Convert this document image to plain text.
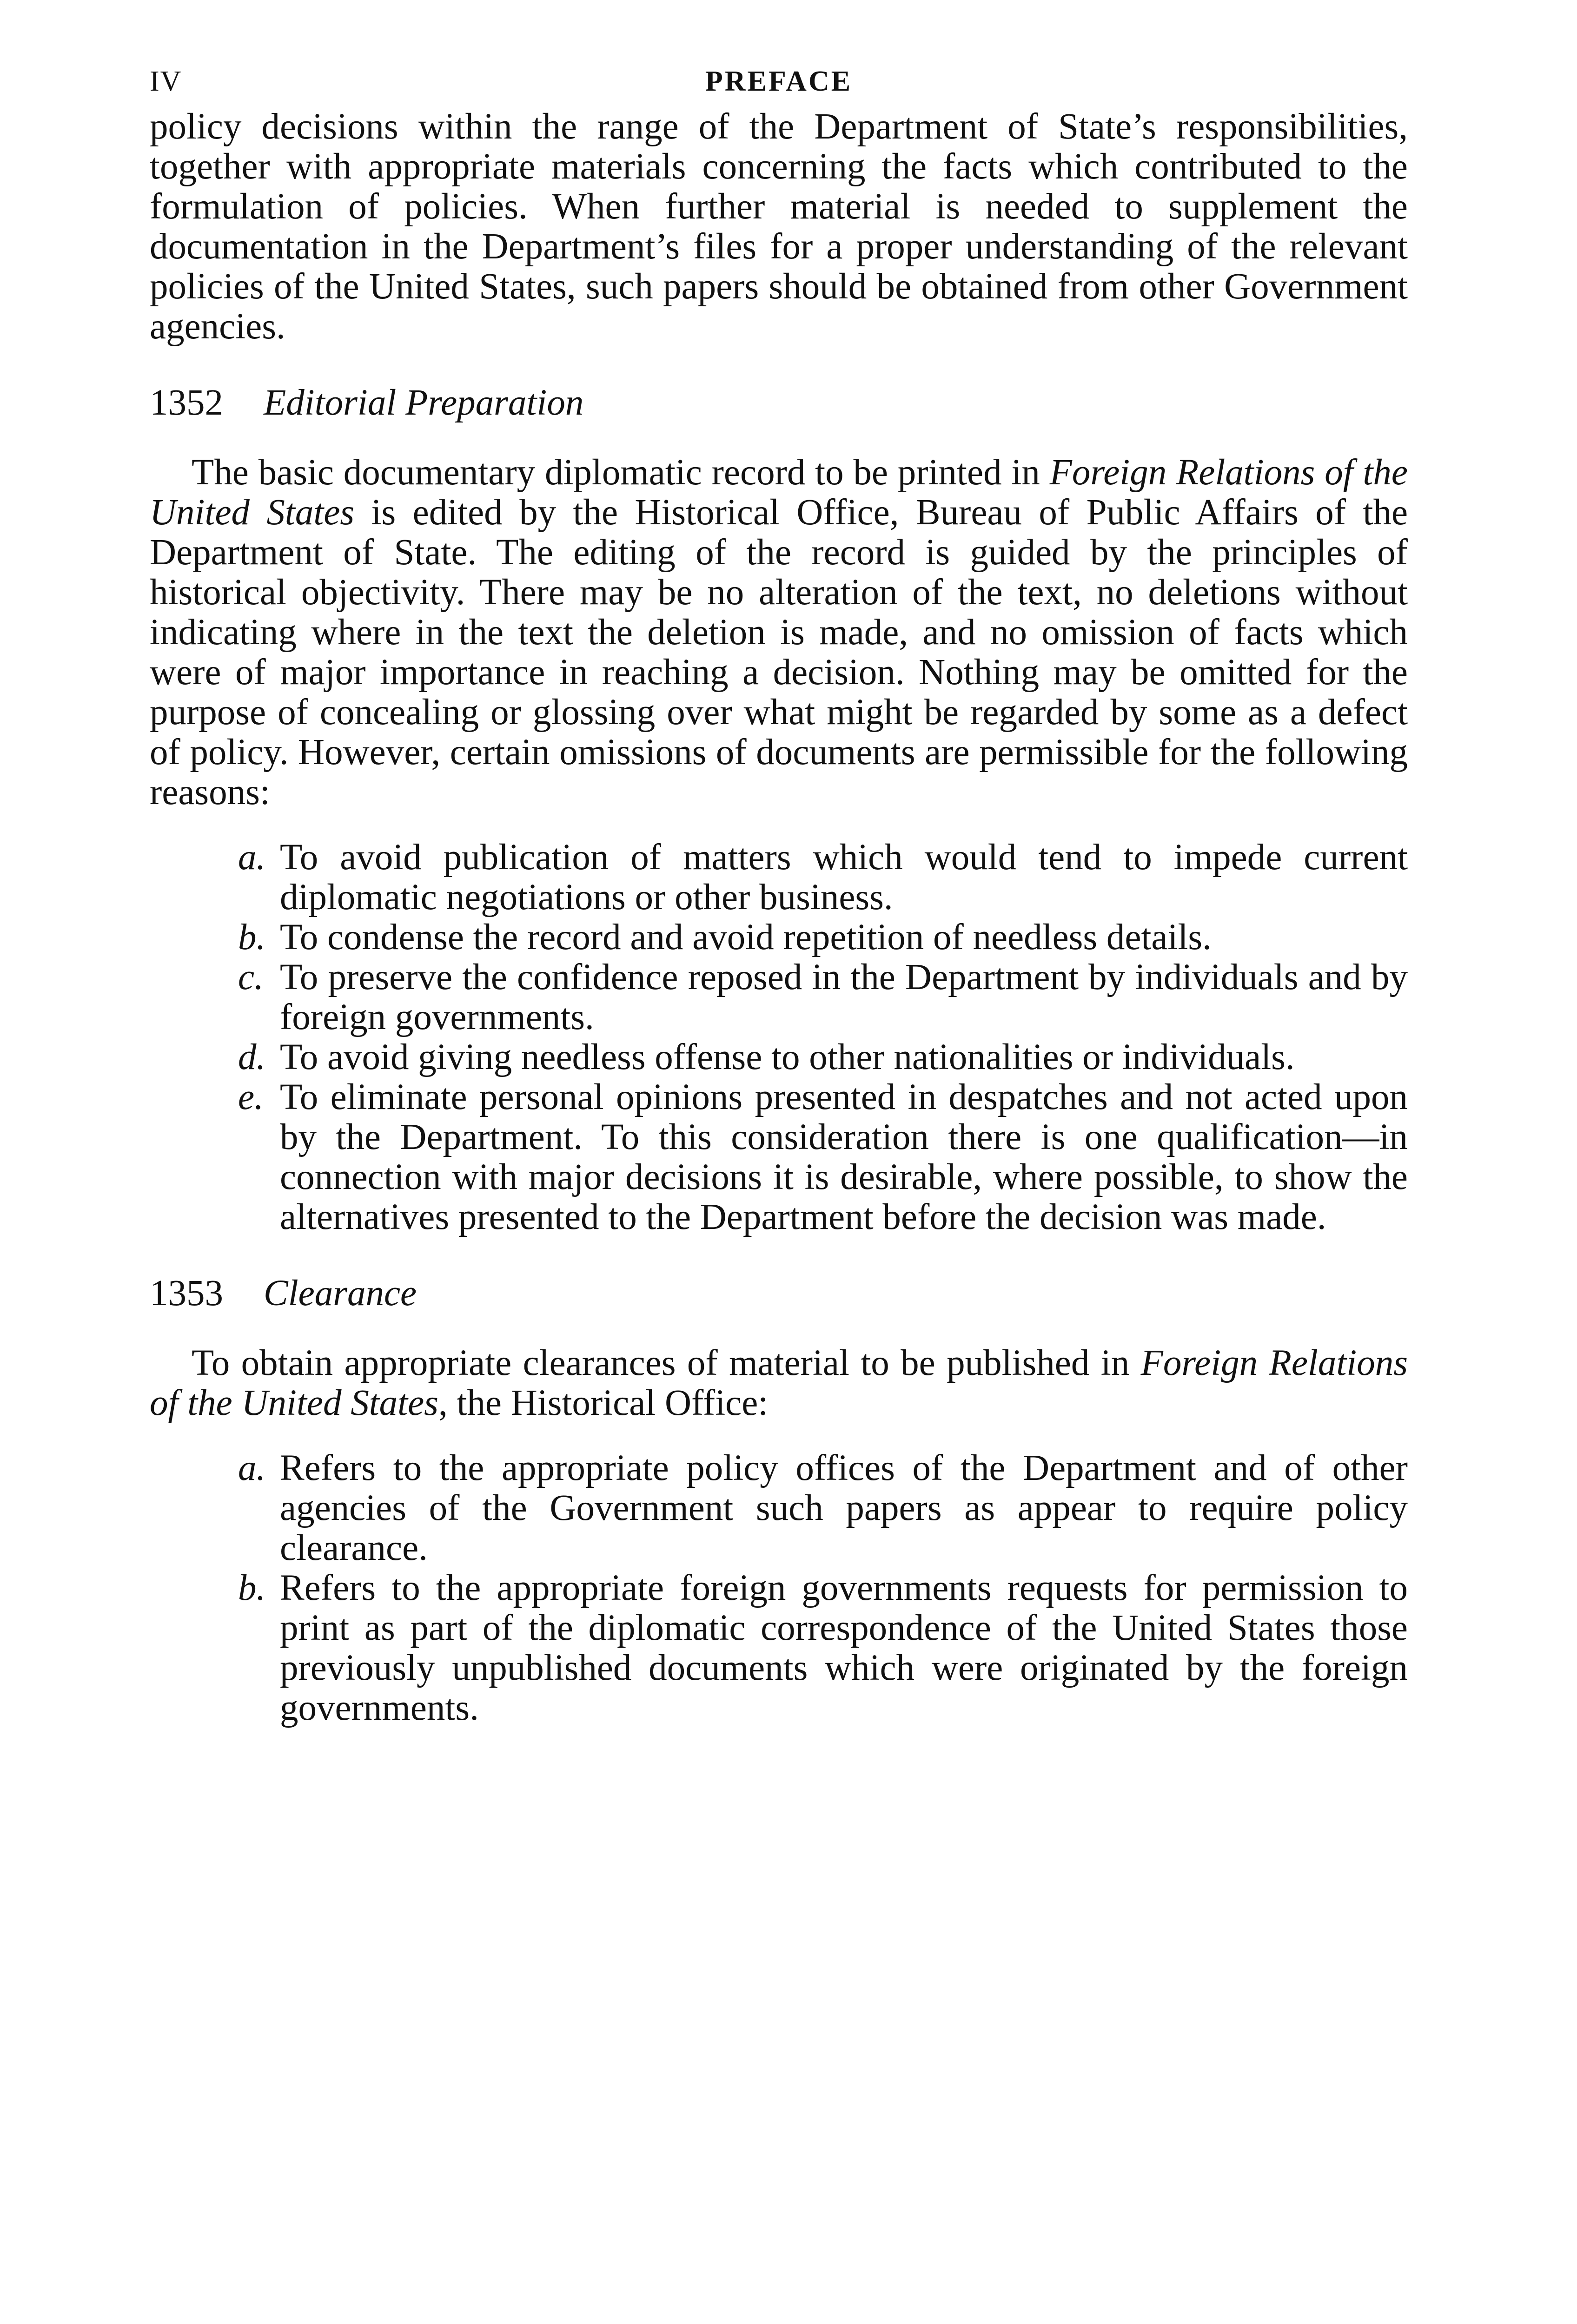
IV	PREFACE

policy decisions within the range of the Department of State’s responsibilities, together with appropriate materials concerning the facts which contributed to the formulation of policies. When further material is needed to supplement the documentation in the Department’s files for a proper understanding of the relevant policies of the United States, such papers should be obtained from other Government agencies.

1352 Editorial Preparation

The basic documentary diplomatic record to be printed in Foreign Relations of the United States is edited by the Historical Office, Bureau of Public Affairs of the Department of State. The editing of the record is guided by the principles of historical objectivity. There may be no alteration of the text, no deletions without indicating where in the text the deletion is made, and no omission of facts which were of major importance in reaching a decision. Nothing may be omitted for the purpose of concealing or glossing over what might be regarded by some as a defect of policy. However, certain omissions of documents are permissible for the following reasons:

a. To avoid publication of matters which would tend to impede current diplomatic negotiations or other business.
b. To condense the record and avoid repetition of needless details.
c. To preserve the confidence reposed in the Department by individuals and by foreign governments.
d. To avoid giving needless offense to other nationalities or individuals.
e. To eliminate personal opinions presented in despatches and not acted upon by the Department. To this consideration there is one qualification—in connection with major decisions it is desirable, where possible, to show the alternatives presented to the Department before the decision was made.
1353 Clearance

To obtain appropriate clearances of material to be published in Foreign Relations of the United States, the Historical Office:

a. Refers to the appropriate policy offices of the Department and of other agencies of the Government such papers as appear to require policy clearance.
b. Refers to the appropriate foreign governments requests for permission to print as part of the diplomatic correspondence of the United States those previously unpublished documents which were originated by the foreign governments.
